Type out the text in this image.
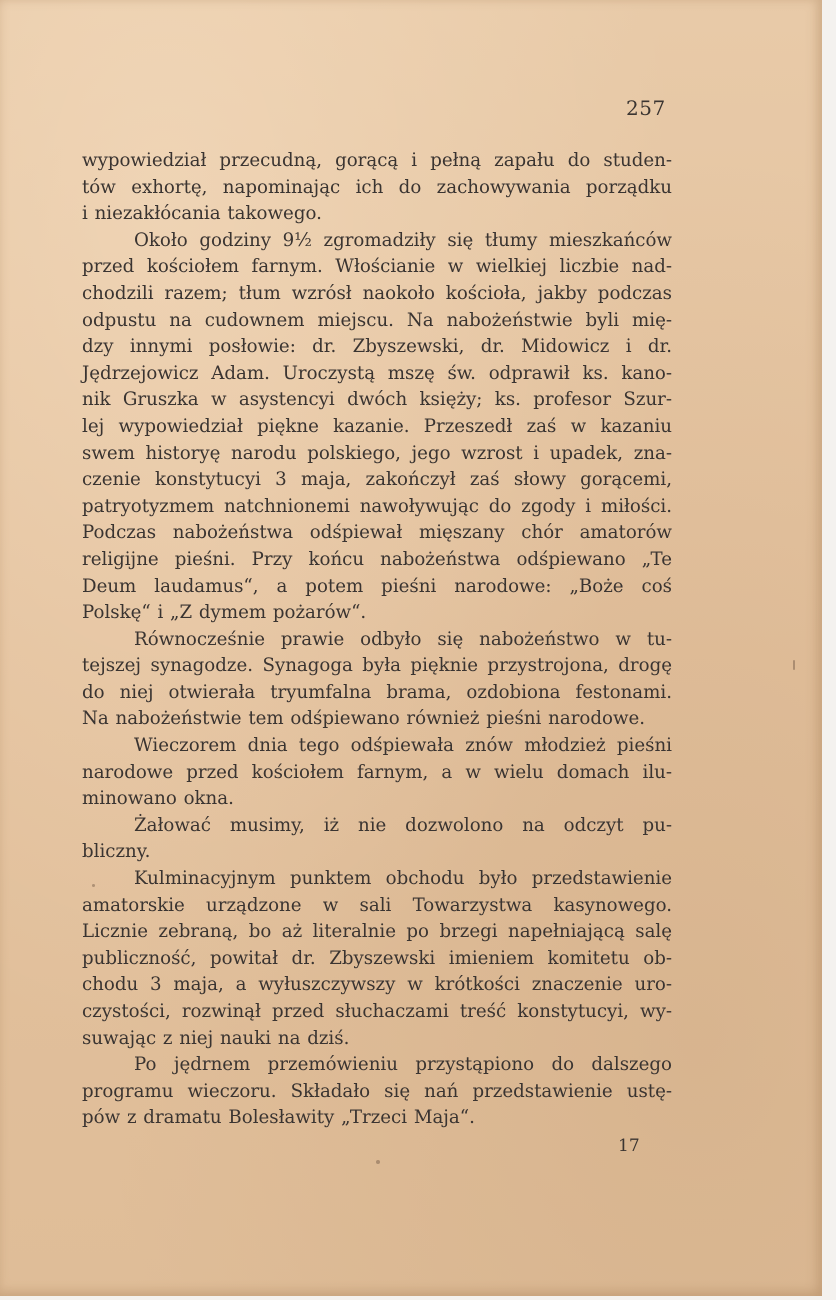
257
wypowiedział przecudną, gorącą i pełną zapału do studen-
tów exhortę, napominając ich do zachowywania porządku
i niezakłócania takowego.
Około godziny 9½ zgromadziły się tłumy mieszkańców
przed kościołem farnym. Włościanie w wielkiej liczbie nad-
chodzili razem; tłum wzrósł naokoło kościoła, jakby podczas
odpustu na cudownem miejscu. Na nabożeństwie byli mię-
dzy innymi posłowie: dr. Zbyszewski, dr. Midowicz i dr.
Jędrzejowicz Adam. Uroczystą mszę św. odprawił ks. kano-
nik Gruszka w asystencyi dwóch księży; ks. profesor Szur-
lej wypowiedział piękne kazanie. Przeszedł zaś w kazaniu
swem historyę narodu polskiego, jego wzrost i upadek, zna-
czenie konstytucyi 3 maja, zakończył zaś słowy gorącemi,
patryotyzmem natchnionemi nawoływując do zgody i miłości.
Podczas nabożeństwa odśpiewał mięszany chór amatorów
religijne pieśni. Przy końcu nabożeństwa odśpiewano „Te
Deum laudamus“, a potem pieśni narodowe: „Boże coś
Polskę“ i „Z dymem pożarów“.
Równocześnie prawie odbyło się nabożeństwo w tu-
tejszej synagodze. Synagoga była pięknie przystrojona, drogę
do niej otwierała tryumfalna brama, ozdobiona festonami.
Na nabożeństwie tem odśpiewano również pieśni narodowe.
Wieczorem dnia tego odśpiewała znów młodzież pieśni
narodowe przed kościołem farnym, a w wielu domach ilu-
minowano okna.
Żałować musimy, iż nie dozwolono na odczyt pu-
bliczny.
Kulminacyjnym punktem obchodu było przedstawienie
amatorskie urządzone w sali Towarzystwa kasynowego.
Licznie zebraną, bo aż literalnie po brzegi napełniającą salę
publiczność, powitał dr. Zbyszewski imieniem komitetu ob-
chodu 3 maja, a wyłuszczywszy w krótkości znaczenie uro-
czystości, rozwinął przed słuchaczami treść konstytucyi, wy-
suwając z niej nauki na dziś.
Po jędrnem przemówieniu przystąpiono do dalszego
programu wieczoru. Składało się nań przedstawienie ustę-
pów z dramatu Bolesławity „Trzeci Maja“.
17
